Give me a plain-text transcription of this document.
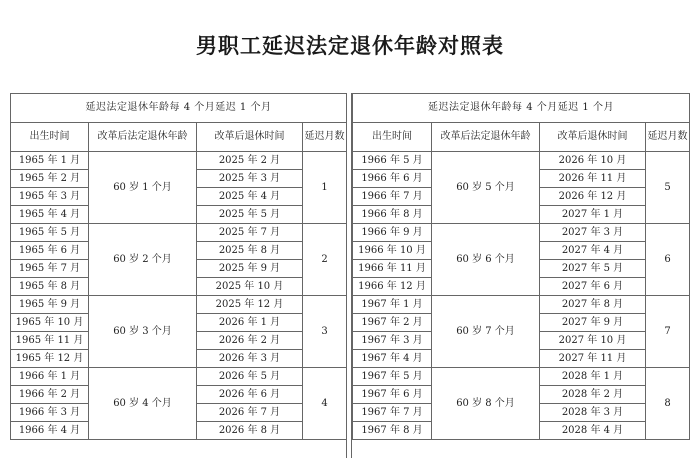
男职工延迟法定退休年龄对照表
延迟法定退休年龄每 4 个月延迟 1 个月			
出生时间	改革后法定退休年龄	改革后退休时间	延迟月数
1965 年 1 月	60 岁 1 个月	2025 年 2 月	1
1965 年 2 月		2025 年 3 月	
1965 年 3 月		2025 年 4 月	
1965 年 4 月		2025 年 5 月	
1965 年 5 月	60 岁 2 个月	2025 年 7 月	2
1965 年 6 月		2025 年 8 月	
1965 年 7 月		2025 年 9 月	
1965 年 8 月		2025 年 10 月	
1965 年 9 月	60 岁 3 个月	2025 年 12 月	3
1965 年 10 月		2026 年 1 月	
1965 年 11 月		2026 年 2 月	
1965 年 12 月		2026 年 3 月	
1966 年 1 月	60 岁 4 个月	2026 年 5 月	4
1966 年 2 月		2026 年 6 月	
1966 年 3 月		2026 年 7 月	
1966 年 4 月		2026 年 8 月	
延迟法定退休年龄每 4 个月延迟 1 个月			
出生时间	改革后法定退休年龄	改革后退休时间	延迟月数
1966 年 5 月	60 岁 5 个月	2026 年 10 月	5
1966 年 6 月		2026 年 11 月	
1966 年 7 月		2026 年 12 月	
1966 年 8 月		2027 年 1 月	
1966 年 9 月	60 岁 6 个月	2027 年 3 月	6
1966 年 10 月		2027 年 4 月	
1966 年 11 月		2027 年 5 月	
1966 年 12 月		2027 年 6 月	
1967 年 1 月	60 岁 7 个月	2027 年 8 月	7
1967 年 2 月		2027 年 9 月	
1967 年 3 月		2027 年 10 月	
1967 年 4 月		2027 年 11 月	
1967 年 5 月	60 岁 8 个月	2028 年 1 月	8
1967 年 6 月		2028 年 2 月	
1967 年 7 月		2028 年 3 月	
1967 年 8 月		2028 年 4 月	
